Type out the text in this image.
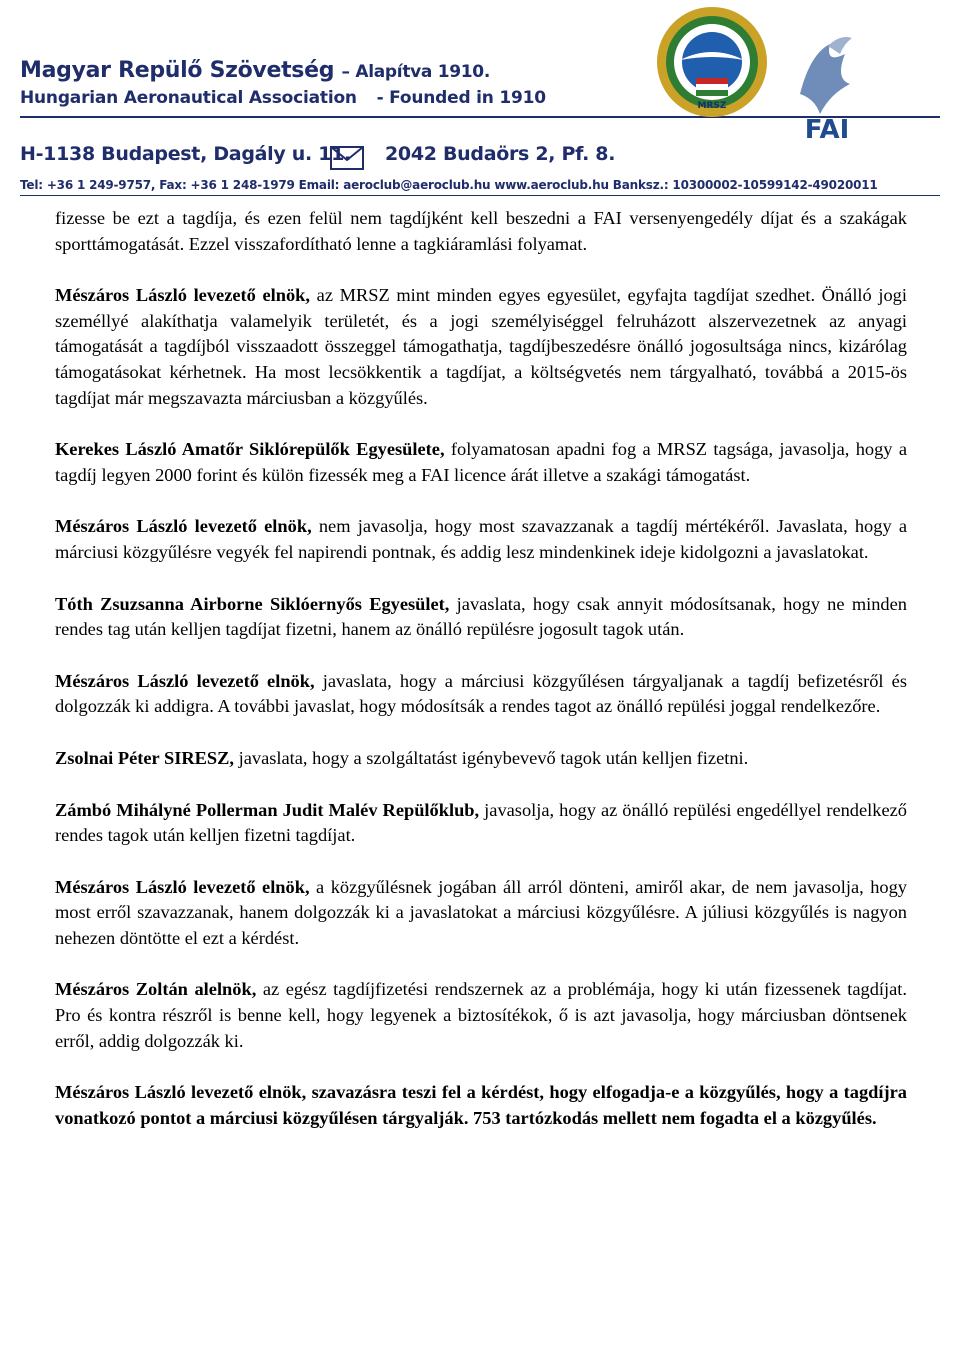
Magyar Repülő Szövetség – Alapítva 1910.
Hungarian Aeronautical Association - Founded in 1910
H-1138 Budapest, Dagály u. 11. 2042 Budaörs 2, Pf. 8.
Tel: +36 1 249-9757, Fax: +36 1 248-1979 Email: aeroclub@aeroclub.hu www.aeroclub.hu Banksz.: 10300002-10599142-49020011
MRSZ
FAI

fizesse be ezt a tagdíja, és ezen felül nem tagdíjként kell beszedni a FAI versenyengedély díjat és a szakágak sporttámogatását. Ezzel visszafordítható lenne a tagkiáramlási folyamat.

Mészáros László levezető elnök, az MRSZ mint minden egyes egyesület, egyfajta tagdíjat szedhet. Önálló jogi személlyé alakíthatja valamelyik területét, és a jogi személyiséggel felruházott alszervezetnek az anyagi támogatását a tagdíjból visszaadott összeggel támogathatja, tagdíjbeszedésre önálló jogosultsága nincs, kizárólag támogatásokat kérhetnek. Ha most lecsökkentik a tagdíjat, a költségvetés nem tárgyalható, továbbá a 2015-ös tagdíjat már megszavazta márciusban a közgyűlés.

Kerekes László Amatőr Siklórepülők Egyesülete, folyamatosan apadni fog a MRSZ tagsága, javasolja, hogy a tagdíj legyen 2000 forint és külön fizessék meg a FAI licence árát illetve a szakági támogatást.

Mészáros László levezető elnök, nem javasolja, hogy most szavazzanak a tagdíj mértékéről. Javaslata, hogy a márciusi közgyűlésre vegyék fel napirendi pontnak, és addig lesz mindenkinek ideje kidolgozni a javaslatokat.

Tóth Zsuzsanna Airborne Siklóernyős Egyesület, javaslata, hogy csak annyit módosítsanak, hogy ne minden rendes tag után kelljen tagdíjat fizetni, hanem az önálló repülésre jogosult tagok után.

Mészáros László levezető elnök, javaslata, hogy a márciusi közgyűlésen tárgyaljanak a tagdíj befizetésről és dolgozzák ki addigra. A további javaslat, hogy módosítsák a rendes tagot az önálló repülési joggal rendelkezőre.

Zsolnai Péter SIRESZ, javaslata, hogy a szolgáltatást igénybevevő tagok után kelljen fizetni.

Zámbó Mihályné Pollerman Judit Malév Repülőklub, javasolja, hogy az önálló repülési engedéllyel rendelkező rendes tagok után kelljen fizetni tagdíjat.

Mészáros László levezető elnök, a közgyűlésnek jogában áll arról dönteni, amiről akar, de nem javasolja, hogy most erről szavazzanak, hanem dolgozzák ki a javaslatokat a márciusi közgyűlésre. A júliusi közgyűlés is nagyon nehezen döntötte el ezt a kérdést.

Mészáros Zoltán alelnök, az egész tagdíjfizetési rendszernek az a problémája, hogy ki után fizessenek tagdíjat. Pro és kontra részről is benne kell, hogy legyenek a biztosítékok, ő is azt javasolja, hogy márciusban döntsenek erről, addig dolgozzák ki.

Mészáros László levezető elnök, szavazásra teszi fel a kérdést, hogy elfogadja-e a közgyűlés, hogy a tagdíjra vonatkozó pontot a márciusi közgyűlésen tárgyalják. 753 tartózkodás mellett nem fogadta el a közgyűlés.
